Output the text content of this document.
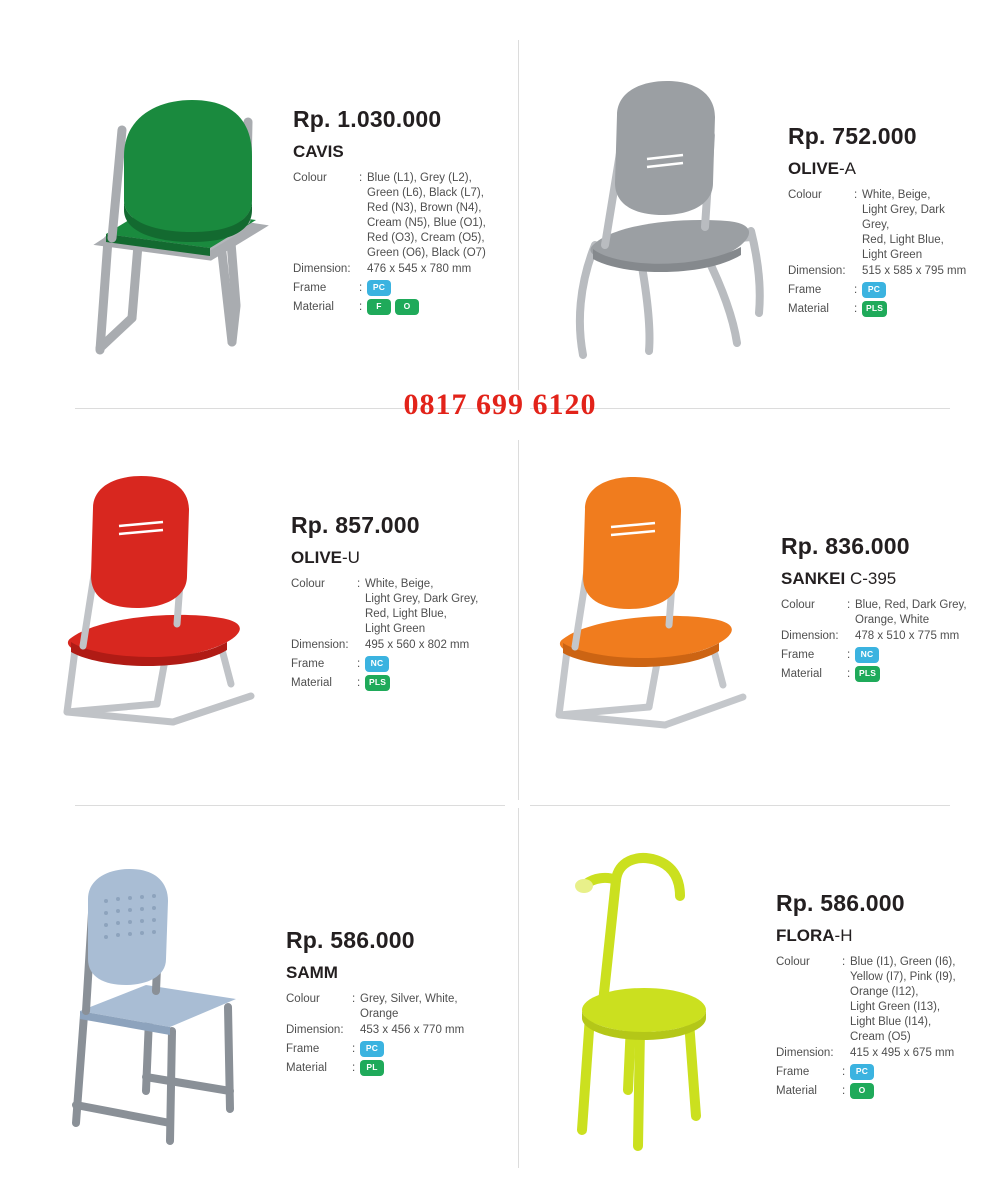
Rp. 1.030.000
CAVIS
Colour	: Blue (L1), Grey (L2),
Green (L6), Black (L7),
Red (N3), Brown (N4),
Cream (N5), Blue (O1),
Red (O3), Cream (O5),
Green (O6), Black (O7)
Dimension:	476 x 545 x 780 mm
Frame	:	PC
Material	:	F	O
Rp. 752.000
OLIVE-A
Colour	: White, Beige,
Light Grey, Dark Grey,
Red, Light Blue,
Light Green
Dimension:	515 x 585 x 795 mm
Frame	:	PC
Material	:	PLS
0817 699 6120
Rp. 857.000
OLIVE-U
Colour	: White, Beige,
Light Grey, Dark Grey,
Red, Light Blue,
Light Green
Dimension:	495 x 560 x 802 mm
Frame	:	NC
Material	:	PLS
Rp. 836.000
SANKEI C-395
Colour	: Blue, Red, Dark Grey,
Orange, White
Dimension:	478 x 510 x 775 mm
Frame	:	NC
Material	:	PLS
Rp. 586.000
SAMM
Colour	: Grey, Silver, White,
Orange
Dimension:	453 x 456 x 770 mm
Frame	:	PC
Material	:	PL
Rp. 586.000
FLORA-H
Colour	: Blue (I1), Green (I6),
Yellow (I7), Pink (I9),
Orange (I12),
Light Green (I13),
Light Blue (I14),
Cream (O5)
Dimension:	415 x 495 x 675 mm
Frame	:	PC
Material	:	O
